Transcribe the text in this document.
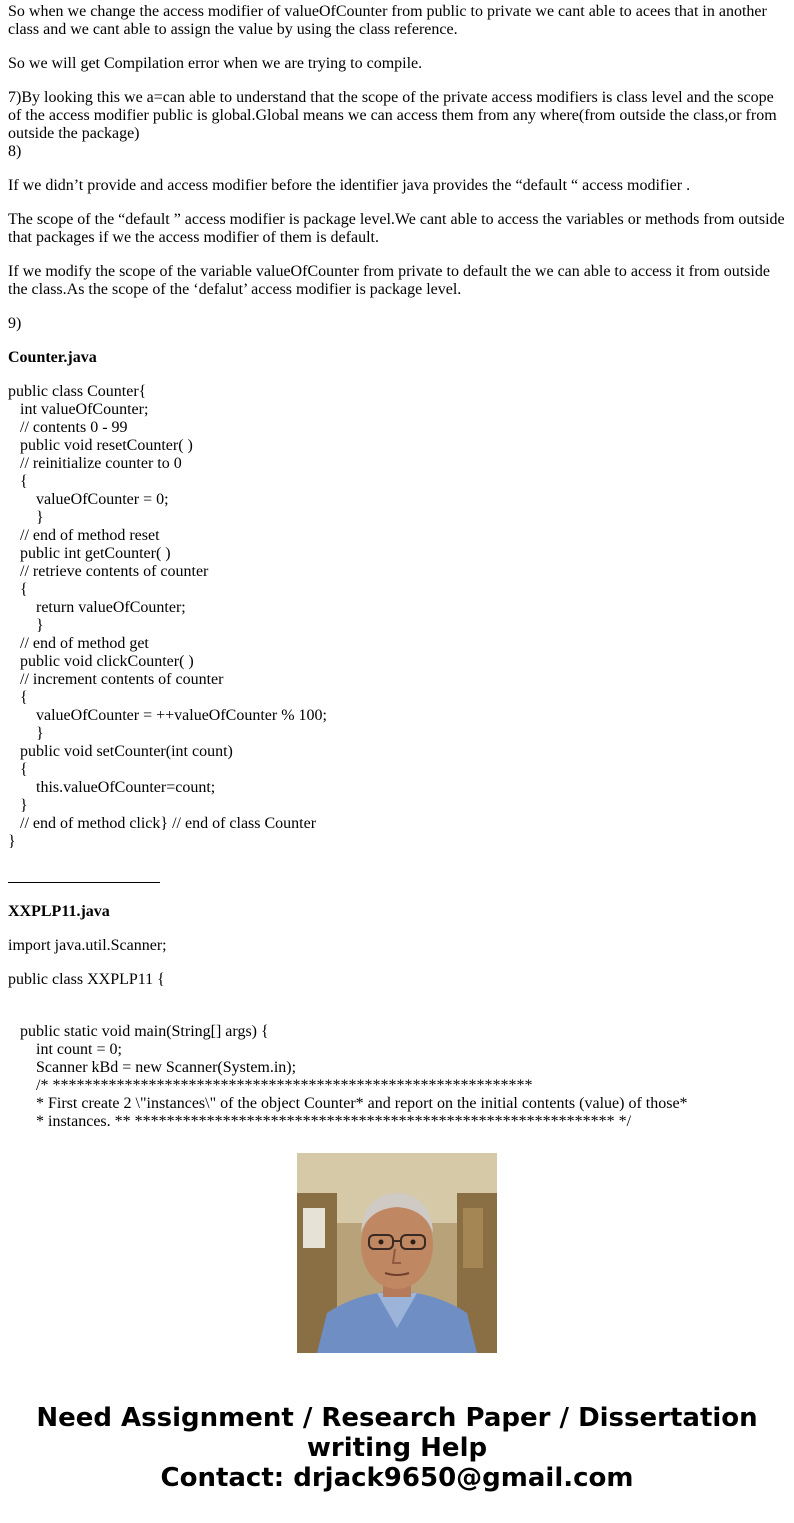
So when we change the access modifier of valueOfCounter from public to private we cant able to acees that in another class and we cant able to assign the value by using the class reference.

So we will get Compilation error when we are trying to compile.

7)By looking this we a=can able to understand that the scope of the private access modifiers is class level and the scope of the access modifier public is global.Global means we can access them from any where(from outside the class,or from outside the package)

8)

If we didn’t provide and access modifier before the identifier java provides the “default “ access modifier .

The scope of the “default ” access modifier is package level.We cant able to access the variables or methods from outside that packages if we the access modifier of them is default.

If we modify the scope of the variable valueOfCounter from private to default the we can able to access it from outside the class.As the scope of the ‘defalut’ access modifier is package level.

9)

Counter.java
public class Counter{
int valueOfCounter;
// contents 0 - 99
public void resetCounter( )
// reinitialize counter to 0
{
valueOfCounter = 0;
}
// end of method reset
public int getCounter( )
// retrieve contents of counter
{
return valueOfCounter;
}
// end of method get
public void clickCounter( )
// increment contents of counter
{
valueOfCounter = ++valueOfCounter % 100;
}
public void setCounter(int count)
{
this.valueOfCounter=count;
}
// end of method click} // end of class Counter
}
XXPLP11.java

import java.util.Scanner;

public class XXPLP11 {

public static void main(String[] args) {
int count = 0;
Scanner kBd = new Scanner(System.in);
/* ************************************************************
* First create 2 \"instances\" of the object Counter* and report on the initial contents (value) of those*
* instances. ** ************************************************************ */
Need Assignment / Research Paper / Dissertation
writing Help
Contact: drjack9650@gmail.com
